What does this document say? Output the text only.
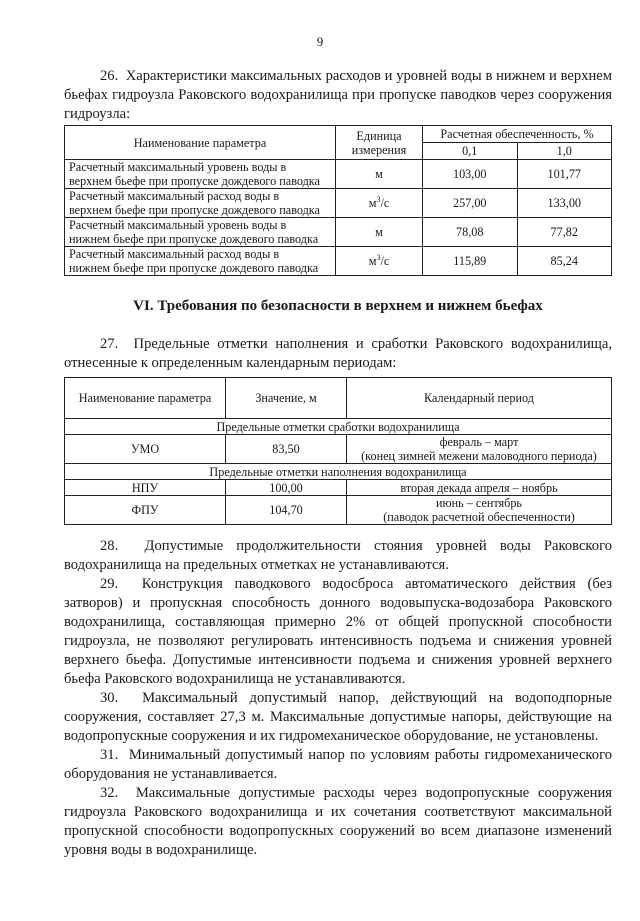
9
26.  Характеристики максимальных расходов и уровней воды в нижнем и верхнем бьефах гидроузла Раковского водохранилища при пропуске паводков через сооружения гидроузла:
Наименование параметра	Единица
измерения	Расчетная обеспеченность, %	
		0,1	1,0
Расчетный максимальный уровень воды в
верхнем бьефе при пропуске дождевого паводка	м	103,00	101,77
Расчетный максимальный расход воды в
верхнем бьефе при пропуске дождевого паводка	$м^3/с$	257,00	133,00
Расчетный максимальный уровень воды в
нижнем бьефе при пропуске дождевого паводка	м	78,08	77,82
Расчетный максимальный расход воды в
нижнем бьефе при пропуске дождевого паводка	$м^3/с$	115,89	85,24
VI. Требования по безопасности в верхнем и нижнем бьефах
27.  Предельные отметки наполнения и сработки Раковского водохранилища, отнесенные к определенным календарным периодам:
Наименование параметра	Значение, м	Календарный период
Предельные отметки сработки водохранилища		
УМО	83,50	февраль – март
(конец зимней межени маловодного периода)
Предельные отметки наполнения водохранилища		
НПУ	100,00	вторая декада апреля – ноябрь
ФПУ	104,70	июнь – сентябрь
(паводок расчетной обеспеченности)
28.  Допустимые продолжительности стояния уровней воды Раковского водохранилища на предельных отметках не устанавливаются.
29.  Конструкция паводкового водосброса автоматического действия (без затворов) и пропускная способность донного водовыпуска-водозабора Раковского водохранилища, составляющая примерно 2% от общей пропускной способности гидроузла, не позволяют регулировать интенсивность подъема и снижения уровней верхнего бьефа. Допустимые интенсивности подъема и снижения уровней верхнего бьефа Раковского водохранилища не устанавливаются.
30.  Максимальный допустимый напор, действующий на водоподпорные сооружения, составляет 27,3 м. Максимальные допустимые напоры, действующие на водопропускные сооружения и их гидромеханическое оборудование, не установлены.
31.  Минимальный допустимый напор по условиям работы гидромеханического оборудования не устанавливается.
32.  Максимальные допустимые расходы через водопропускные сооружения гидроузла Раковского водохранилища и их сочетания соответствуют максимальной пропускной способности водопропускных сооружений во всем диапазоне изменений уровня воды в водохранилище.
